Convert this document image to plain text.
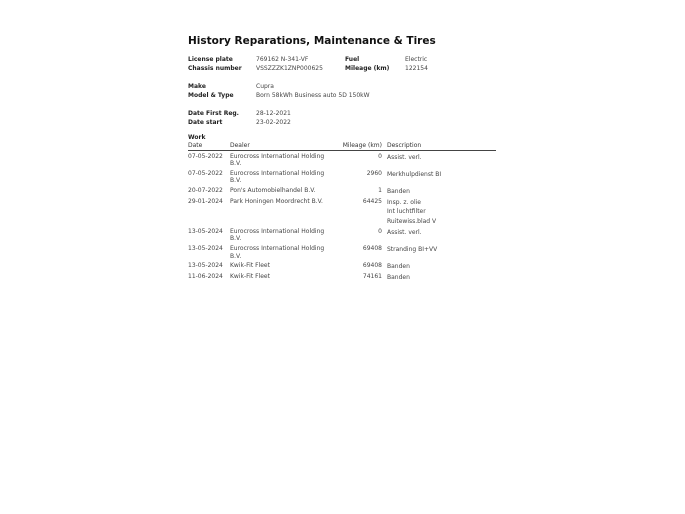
History Reparations, Maintenance & Tires
License plate	769162 N-341-VF	Fuel	Electric
Chassis number VSSZZZK1ZNP000625	Mileage (km)	122154
Make	Cupra
Model & Type	Born 58kWh Business auto 5D 150kW
Date First Reg.	28-12-2021
Date start	23-02-2022
Work
Date	Dealer	Mileage (km)	Description
07-05-2022	Eurocross International Holding B.V.	0	Assist. verl.

07-05-2022	Eurocross International Holding B.V.	2960	Merkhulpdienst BI

20-07-2022	Pon's Automobielhandel B.V.	1	Banden

29-01-2024	Park Honingen Moordrecht B.V.	64425	Insp. z. olie
Int luchtfilter
Ruitewiss.blad V

13-05-2024	Eurocross International Holding B.V.	0	Assist. verl.

13-05-2024	Eurocross International Holding B.V.	69408	Stranding BI+VV

13-05-2024	Kwik-Fit Fleet	69408	Banden

11-06-2024	Kwik-Fit Fleet	74161	Banden
